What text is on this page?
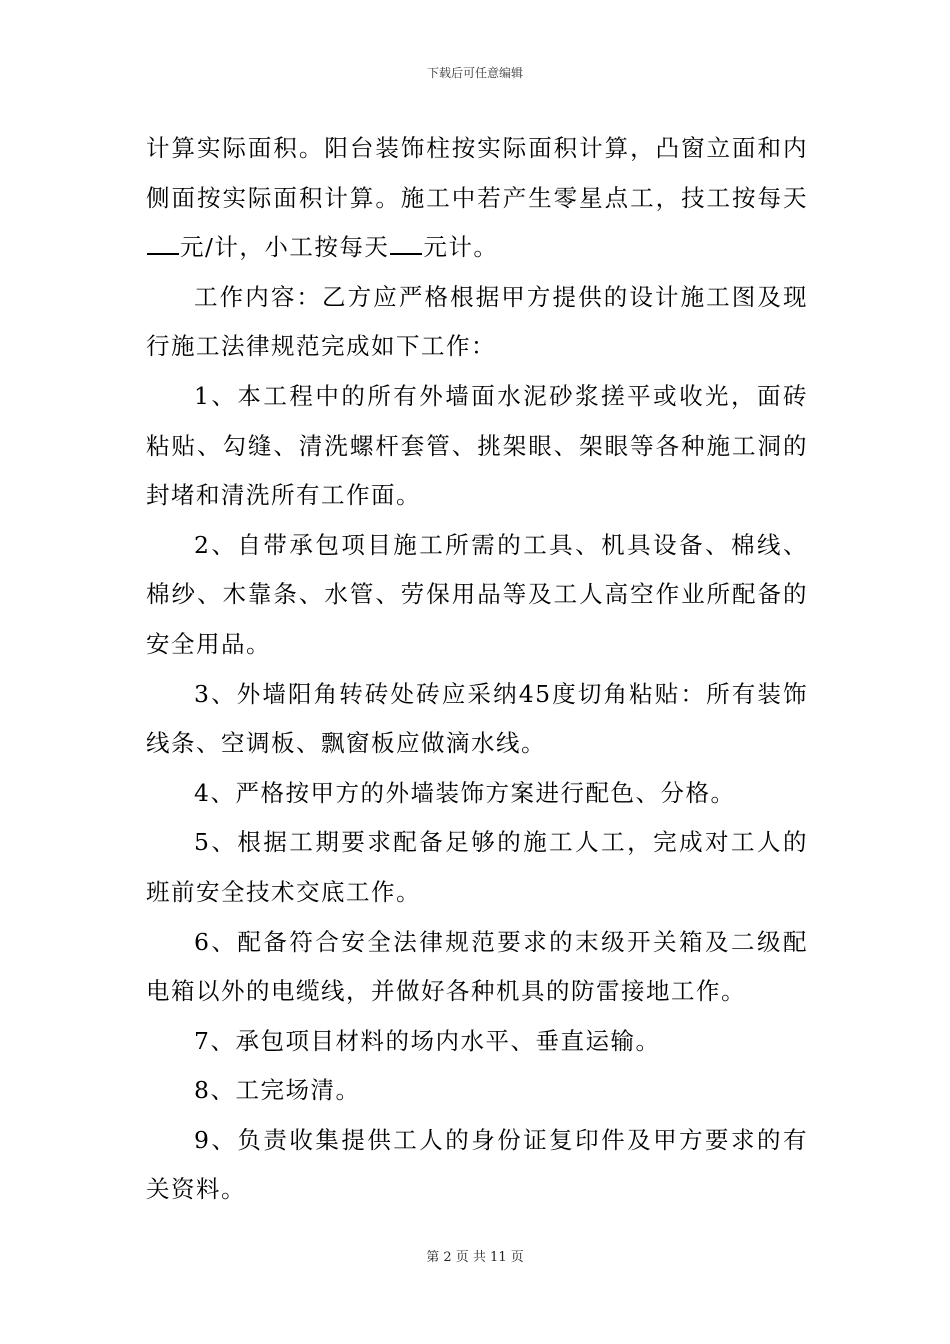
下载后可任意编辑

计算实际面积。阳台装饰柱按实际面积计算，凸窗立面和内侧面按实际面积计算。施工中若产生零星点工，技工按每天元/计，小工按每天 元计。

工作内容：乙方应严格根据甲方提供的设计施工图及现行施工法律规范完成如下工作：

1、本工程中的所有外墙面水泥砂浆搓平或收光，面砖粘贴、勾缝、清洗螺杆套管、挑架眼、架眼等各种施工洞的封堵和清洗所有工作面。

2、自带承包项目施工所需的工具、机具设备、棉线、棉纱、木靠条、水管、劳保用品等及工人高空作业所配备的安全用品。

3、外墙阳角转砖处砖应采纳45度切角粘贴：所有装饰线条、空调板、飘窗板应做滴水线。

4、严格按甲方的外墙装饰方案进行配色、分格。

5、根据工期要求配备足够的施工人工，完成对工人的班前安全技术交底工作。

6、配备符合安全法律规范要求的末级开关箱及二级配电箱以外的电缆线，并做好各种机具的防雷接地工作。

7、承包项目材料的场内水平、垂直运输。

8、工完场清。

9、负责收集提供工人的身份证复印件及甲方要求的有关资料。

第 2 页 共 11 页
